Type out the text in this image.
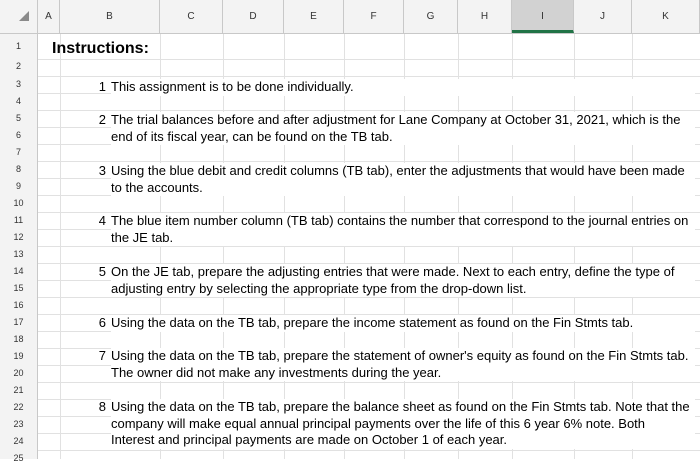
A	B	C	D	E	F	G	H	I	J	K
1
2
3
4
5
6
7
8
9
10
11
12
13
14
15
16
17
18
19
20
21
22
23
24
25
Instructions:
1 This assignment is to be done individually.
2 The trial balances before and after adjustment for Lane Company at October 31, 2021, which is the end of its fiscal year, can be found on the TB tab.
3 Using the blue debit and credit columns (TB tab), enter the adjustments that would have been made to the accounts.
4 The blue item number column (TB tab) contains the number that correspond to the journal entries on the JE tab.
5 On the JE tab, prepare the adjusting entries that were made. Next to each entry, define the type of adjusting entry by selecting the appropriate type from the drop-down list.
6 Using the data on the TB tab, prepare the income statement as found on the Fin Stmts tab.
7 Using the data on the TB tab, prepare the statement of owner's equity as found on the Fin Stmts tab. The owner did not make any investments during the year.
8 Using the data on the TB tab, prepare the balance sheet as found on the Fin Stmts tab. Note that the company will make equal annual principal payments over the life of this 6 year 6% note. Both Interest and principal payments are made on October 1 of each year.
